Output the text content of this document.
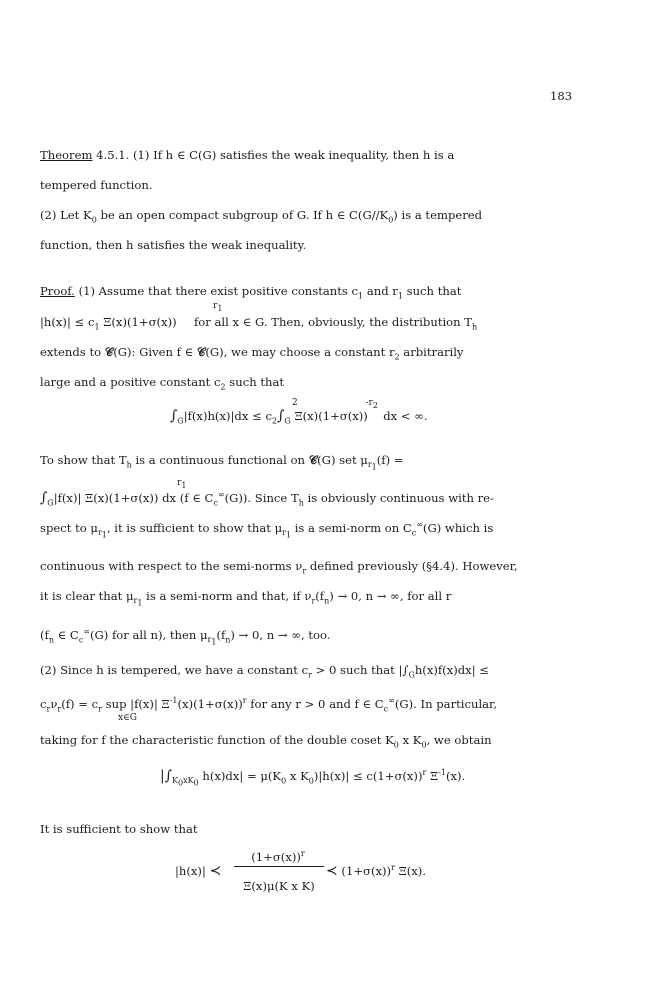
183
Theorem 4.5.1. (1) If h ∈ C(G) satisfies the weak inequality, then h is a
tempered function.
(2) Let $K_0$ be an open compact subgroup of G. If h ∈ $C(G//K_0)$ is a tempered
function, then h satisfies the weak inequality.
Proof. (1) Assume that there exist positive constants $c_1$ and $r_1$ such that
$r_1$
$|h(x)| \le c_1$ Ξ(x)(1+σ(x)) for all x ∈ G. Then, obviously, the distribution $T_h$
extends to 𝒞(G): Given f ∈ 𝒞(G), we may choose a constant $r_2$ arbitrarily
large and a positive constant $c_2$ such that
2	$-r_2$
$\int_G|f(x)h(x)|dx \le c_2\int_G$ Ξ(x)(1+σ(x)) dx < ∞.
To show that $T_h$ is a continuous functional on 𝒞(G) set $\mu_{r_1}(f)$ =
$r_1$
$\int_G|f(x)|$ Ξ(x)(1+σ(x)) dx (f ∈ $C_c^\infty(G)$). Since $T_h$ is obviously continuous with re-
spect to $\mu_{r_1}$, it is sufficient to show that $\mu_{r_1}$ is a semi-norm on $C_c^\infty(G)$ which is
continuous with respect to the semi-norms $\nu_r$ defined previously (§4.4). However,
it is clear that $\mu_{r_1}$ is a semi-norm and that, if $\nu_r(f_n) \to 0$, n → ∞, for all r
($f_n$ ∈ $C_c^\infty(G)$ for all n), then $\mu_{r_1}(f_n) \to 0$, n → ∞, too.
(2) Since h is tempered, we have a constant $c_r > 0$ such that $|\int_Gh(x)f(x)dx|$ ≤
$c_r\nu_r(f) = c_r$ sup |f(x)| $\Xi^{-1}(x)(1+\sigma(x))^r$ for any r > 0 and f ∈ $C_c^\infty(G)$. In particular,
x∈G
taking for f the characteristic function of the double coset $K_0$ x $K_0$, we obtain
$|\int_{K_0xK_0}$ $h(x)dx| = \mu(K_0$ x $K_0)|h(x)| \le c(1+\sigma(x))^r$ $\Xi^{-1}(x)$.
It is sufficient to show that
|h(x)| ≺
$(1+\sigma(x))^r$
Ξ(x)μ(K x K)
≺ $(1+\sigma(x))^r$ Ξ(x).
